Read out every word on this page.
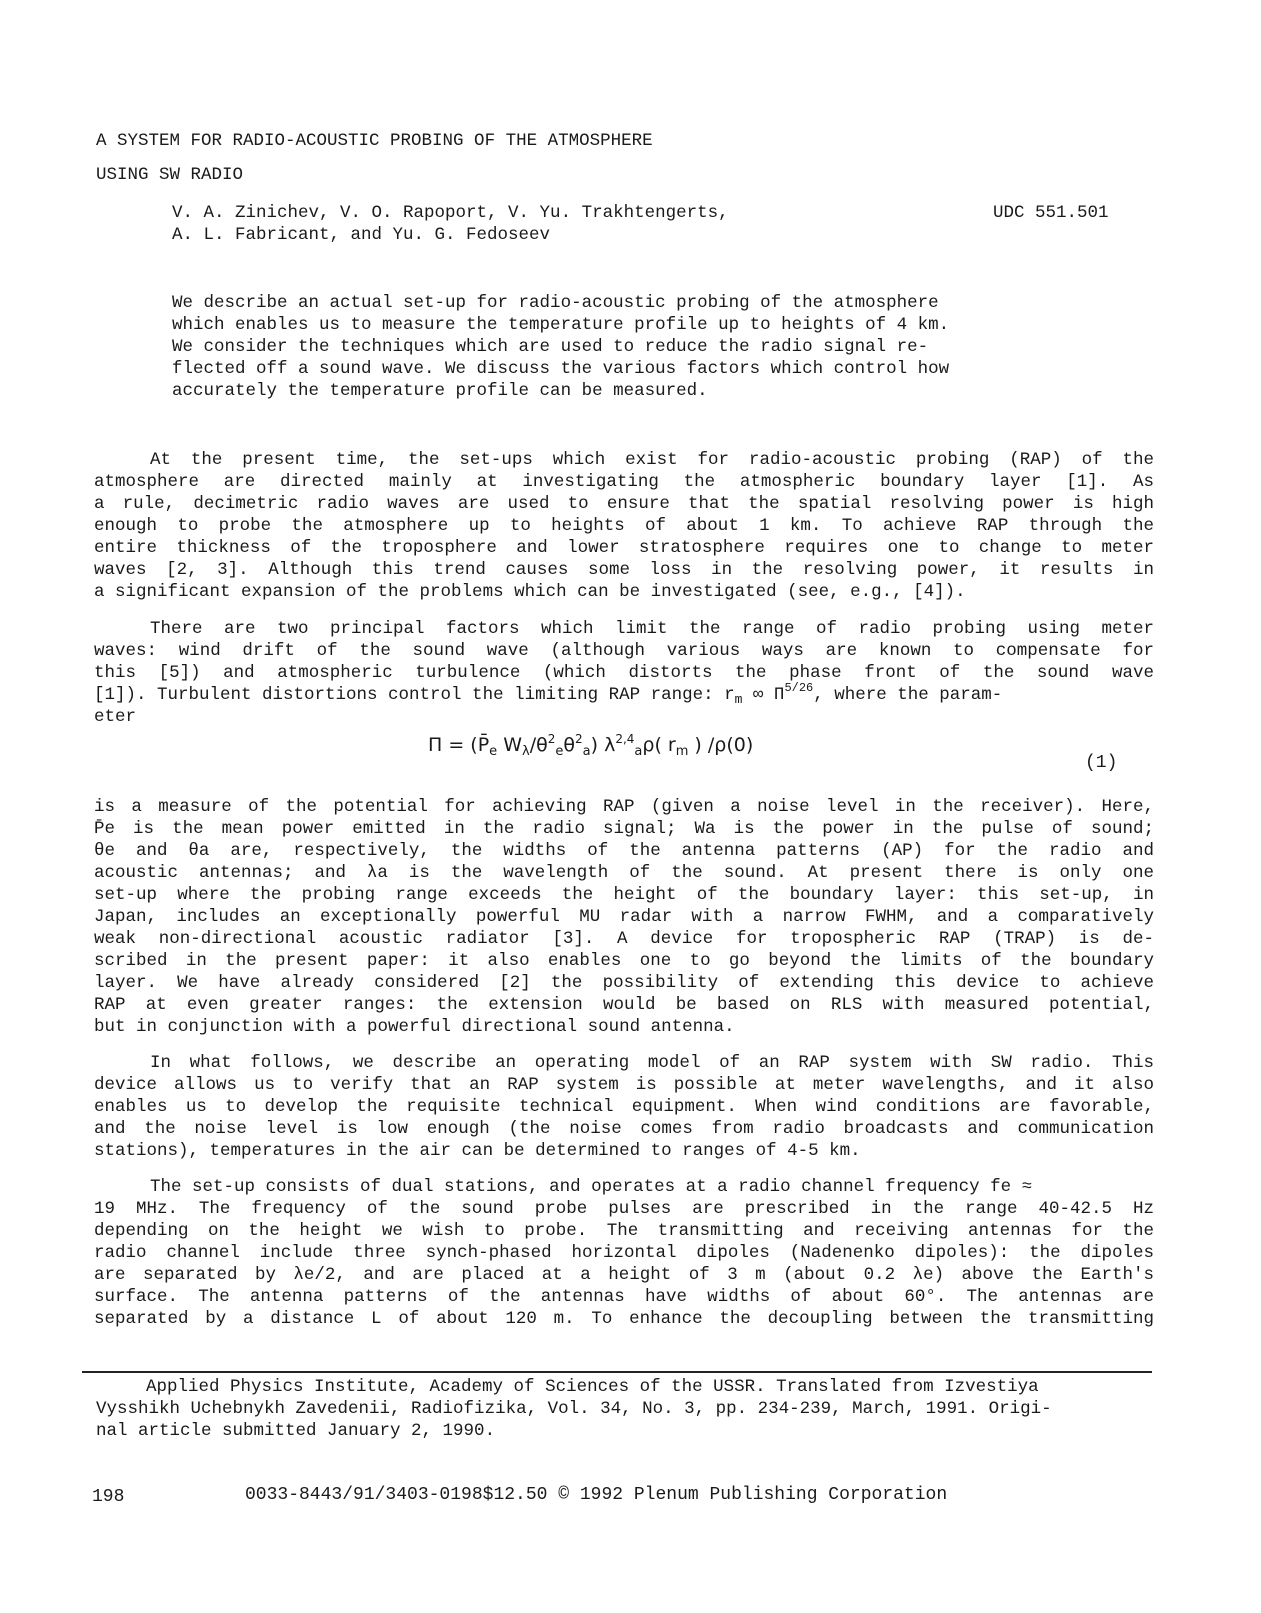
A SYSTEM FOR RADIO-ACOUSTIC PROBING OF THE ATMOSPHERE
USING SW RADIO
V. A. Zinichev, V. O. Rapoport, V. Yu. Trakhtengerts,
A. L. Fabricant, and Yu. G. Fedoseev
UDC 551.501
We describe an actual set-up for radio-acoustic probing of the atmosphere
which enables us to measure the temperature profile up to heights of 4 km.
We consider the techniques which are used to reduce the radio signal re-
flected off a sound wave. We discuss the various factors which control how
accurately the temperature profile can be measured.
At the present time, the set-ups which exist for radio-acoustic probing (RAP) of the
atmosphere are directed mainly at investigating the atmospheric boundary layer [1]. As
a rule, decimetric radio waves are used to ensure that the spatial resolving power is high
enough to probe the atmosphere up to heights of about 1 km. To achieve RAP through the
entire thickness of the troposphere and lower stratosphere requires one to change to meter
waves [2, 3]. Although this trend causes some loss in the resolving power, it results in
a significant expansion of the problems which can be investigated (see, e.g., [4]).
There are two principal factors which limit the range of radio probing using meter
waves: wind drift of the sound wave (although various ways are known to compensate for
this [5]) and atmospheric turbulence (which distorts the phase front of the sound wave
[1]). Turbulent distortions control the limiting RAP range: $r_m$ ∞ $\Pi^{5/26}$, where the param-
eter
$\Pi = (P̄_e$ $W_\lambda/\theta^2_e\theta^2_a$) $\lambda^{2,4}_a\rho$( $r_m$ ) /ρ(0)
(1)
is a measure of the potential for achieving RAP (given a noise level in the receiver). Here,
P̄e is the mean power emitted in the radio signal; Wa is the power in the pulse of sound;
θe and θa are, respectively, the widths of the antenna patterns (AP) for the radio and
acoustic antennas; and λa is the wavelength of the sound. At present there is only one
set-up where the probing range exceeds the height of the boundary layer: this set-up, in
Japan, includes an exceptionally powerful MU radar with a narrow FWHM, and a comparatively
weak non-directional acoustic radiator [3]. A device for tropospheric RAP (TRAP) is de-
scribed in the present paper: it also enables one to go beyond the limits of the boundary
layer. We have already considered [2] the possibility of extending this device to achieve
RAP at even greater ranges: the extension would be based on RLS with measured potential,
but in conjunction with a powerful directional sound antenna.
In what follows, we describe an operating model of an RAP system with SW radio. This
device allows us to verify that an RAP system is possible at meter wavelengths, and it also
enables us to develop the requisite technical equipment. When wind conditions are favorable,
and the noise level is low enough (the noise comes from radio broadcasts and communication
stations), temperatures in the air can be determined to ranges of 4-5 km.
The set-up consists of dual stations, and operates at a radio channel frequency fe ≈
19 MHz. The frequency of the sound probe pulses are prescribed in the range 40-42.5 Hz
depending on the height we wish to probe. The transmitting and receiving antennas for the
radio channel include three synch-phased horizontal dipoles (Nadenenko dipoles): the dipoles
are separated by λe/2, and are placed at a height of 3 m (about 0.2 λe) above the Earth's
surface. The antenna patterns of the antennas have widths of about 60°. The antennas are
separated by a distance L of about 120 m. To enhance the decoupling between the transmitting
Applied Physics Institute, Academy of Sciences of the USSR. Translated from Izvestiya
Vysshikh Uchebnykh Zavedenii, Radiofizika, Vol. 34, No. 3, pp. 234-239, March, 1991. Origi-
nal article submitted January 2, 1990.
198	0033-8443/91/3403-0198$12.50 © 1992 Plenum Publishing Corporation
